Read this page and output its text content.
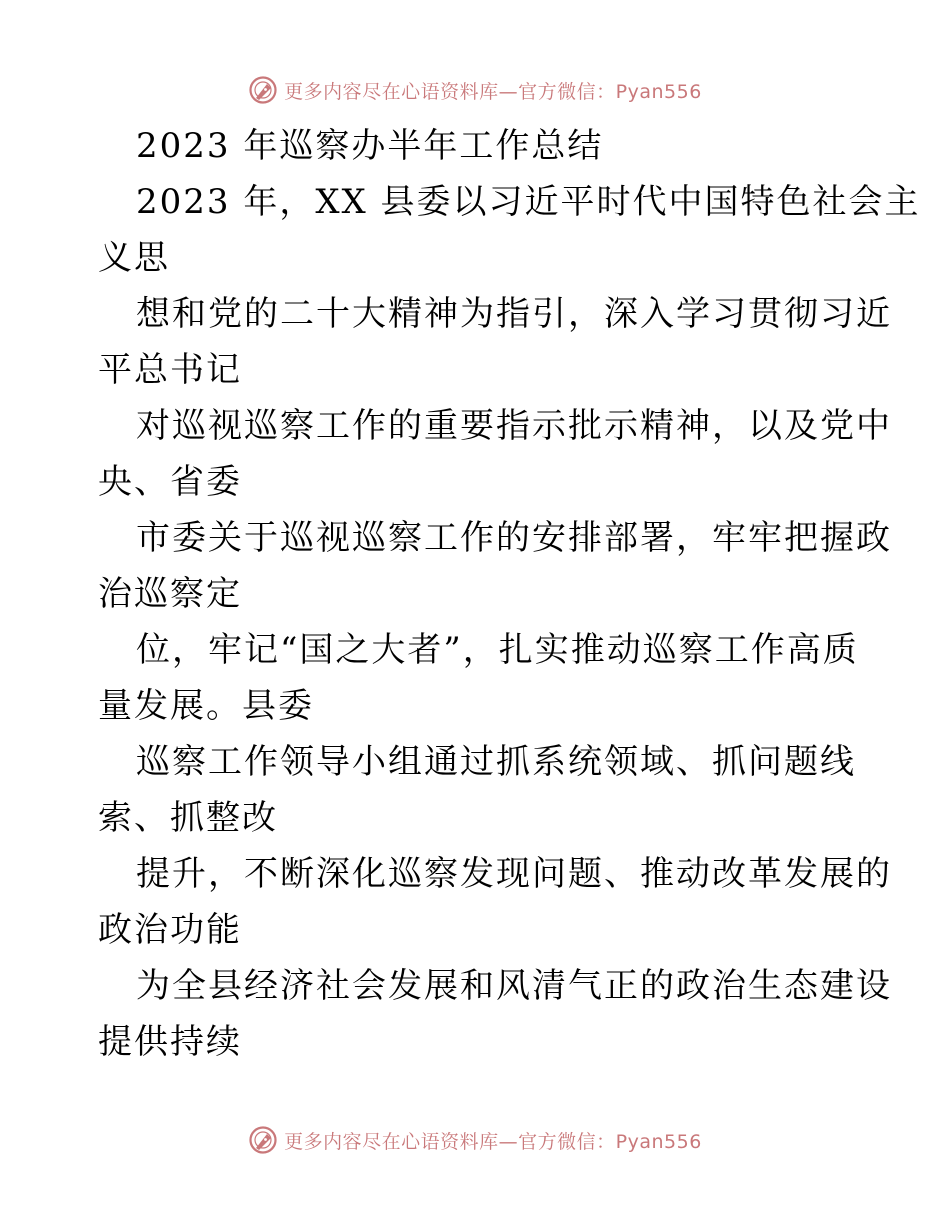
更多内容尽在心语资料库—官方微信：Pyan556
2023 年巡察办半年工作总结
2023 年，XX 县委以习近平时代中国特色社会主
义思
想和党的二十大精神为指引，深入学习贯彻习近
平总书记
对巡视巡察工作的重要指示批示精神，以及党中
央、省委
市委关于巡视巡察工作的安排部署，牢牢把握政
治巡察定
位，牢记“国之大者”，扎实推动巡察工作高质
量发展。县委
巡察工作领导小组通过抓系统领域、抓问题线
索、抓整改
提升，不断深化巡察发现问题、推动改革发展的
政治功能
为全县经济社会发展和风清气正的政治生态建设
提供持续
更多内容尽在心语资料库—官方微信：Pyan556
